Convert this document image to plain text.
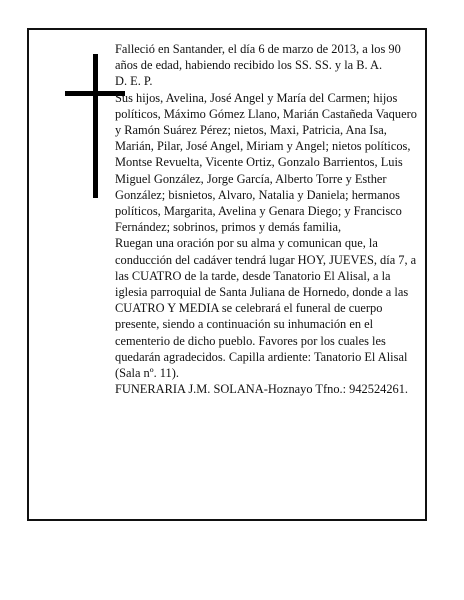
Falleció en Santander, el día 6 de marzo de 2013, a los 90 años de edad, habiendo recibido los SS. SS. y la B. A.

D. E. P.

Sus hijos, Avelina, José Angel y María del Carmen; hijos políticos, Máximo Gómez Llano, Marián Castañeda Vaquero y Ramón Suárez Pérez; nietos, Maxi, Patricia, Ana Isa, Marián, Pilar, José Angel, Miriam y Angel; nietos políticos, Montse Revuelta, Vicente Ortiz, Gonzalo Barrientos, Luis Miguel González, Jorge García, Alberto Torre y Esther González; bisnietos, Alvaro, Natalia y Daniela; hermanos políticos, Margarita, Avelina y Genara Diego; y Francisco Fernández; sobrinos, primos y demás familia,

Ruegan una oración por su alma y comunican que, la conducción del cadáver tendrá lugar HOY, JUEVES, día 7, a las CUATRO de la tarde, desde Tanatorio El Alisal, a la iglesia parroquial de Santa Juliana de Hornedo, donde a las CUATRO Y MEDIA se celebrará el funeral de cuerpo presente, siendo a continuación su inhumación en el cementerio de dicho pueblo. Favores por los cuales les quedarán agradecidos. Capilla ardiente: Tanatorio El Alisal (Sala nº. 11).

FUNERARIA J.M. SOLANA-Hoznayo Tfno.: 942524261.
